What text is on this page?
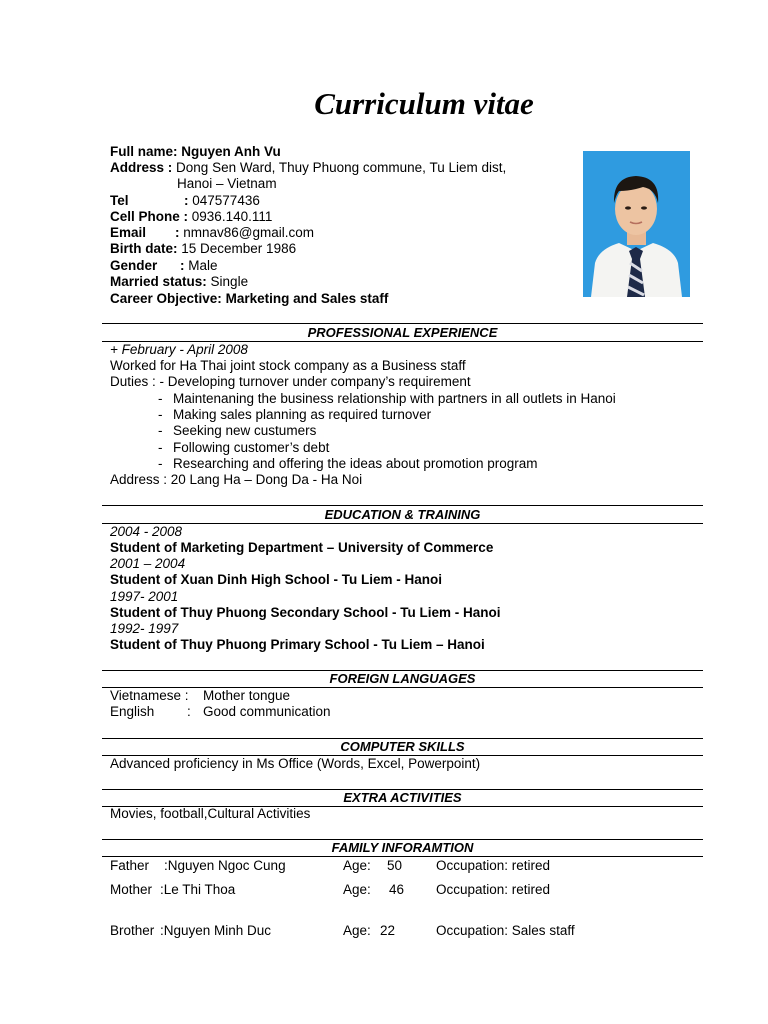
Curriculum vitae
Full name: Nguyen Anh Vu
Address : Dong Sen Ward, Thuy Phuong commune, Tu Liem dist,
Hanoi – Vietnam
Tel	: 047577436
Cell Phone : 0936.140.111
Email : nmnav86@gmail.com
Birth date: 15 December 1986
Gender : Male
Married status: Single
Career Objective: Marketing and Sales staff
PROFESSIONAL EXPERIENCE
+ February - April 2008
Worked for Ha Thai joint stock company as a Business staff
Duties : - Developing turnover under company’s requirement
- Maintenaning the business relationship with partners in all outlets in Hanoi
- Making sales planning as required turnover
- Seeking new custumers
- Following customer’s debt
- Researching and offering the ideas about promotion program
Address : 20 Lang Ha – Dong Da - Ha Noi
EDUCATION & TRAINING
2004 - 2008
Student of Marketing Department – University of Commerce
2001 – 2004
Student of Xuan Dinh High School - Tu Liem - Hanoi
1997- 2001
Student of Thuy Phuong Secondary School - Tu Liem - Hanoi
1992- 1997
Student of Thuy Phuong Primary School - Tu Liem – Hanoi
FOREIGN LANGUAGES
Vietnamese : Mother tongue
English : Good communication
COMPUTER SKILLS
Advanced proficiency in Ms Office (Words, Excel, Powerpoint)
EXTRA ACTIVITIES
Movies, football,Cultural Activities
FAMILY INFORAMTION
Father :Nguyen Ngoc Cung	Age: 50	Occupation: retired
Mother :Le Thi Thoa	Age: 46 Occupation: retired
Brother :Nguyen Minh Duc	Age: 22	Occupation: Sales staff
